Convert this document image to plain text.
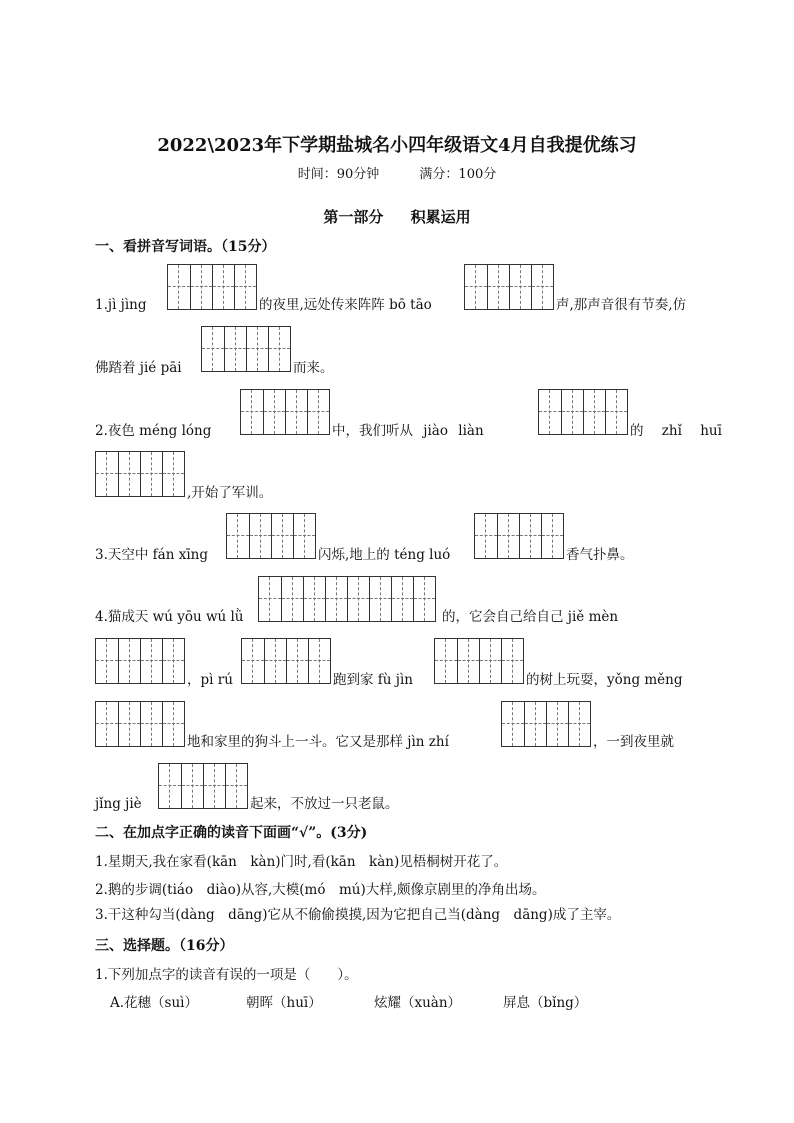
2022\2023年下学期盐城名小四年级语文4月自我提优练习
时间：90分钟	满分：100分
第一部分 积累运用
一、看拼音写词语。（15分）
1.jì jìng	的夜里,远处传来阵阵 bō tāo	声,那声音很有节奏,仿
佛踏着 jié pāi	而来。
2.夜色 méng lóng	中，我们听从 jiào liàn	的 zhǐ huī
,开始了军训。
3.天空中 fán xīng	闪烁,地上的 téng luó	香气扑鼻。
4.猫成天 wú yōu wú lǜ	的，它会自己给自己 jiě mèn
，pì rú	跑到家 fù jìn	的树上玩耍，yǒng měng
地和家里的狗斗上一斗。它又是那样 jìn zhí	，一到夜里就
jǐng jiè	起来，不放过一只老鼠。
二、在加点字正确的读音下面画“√”。(3分)
1.星期天,我在家看(kān　kàn)门时,看(kān　kàn)见梧桐树开花了。
2.鹅的步调(tiáo　diào)从容,大模(mó　mú)大样,颇像京剧里的净角出场。
3.干这种勾当(dàng　dāng)它从不偷偷摸摸,因为它把自己当(dàng　dāng)成了主宰。
三、选择题。（16分）
1.下列加点字的读音有误的一项是（　　）。
A.花穗（suì）	朝晖（huī）	炫耀（xuàn）	屏息（bǐng）
